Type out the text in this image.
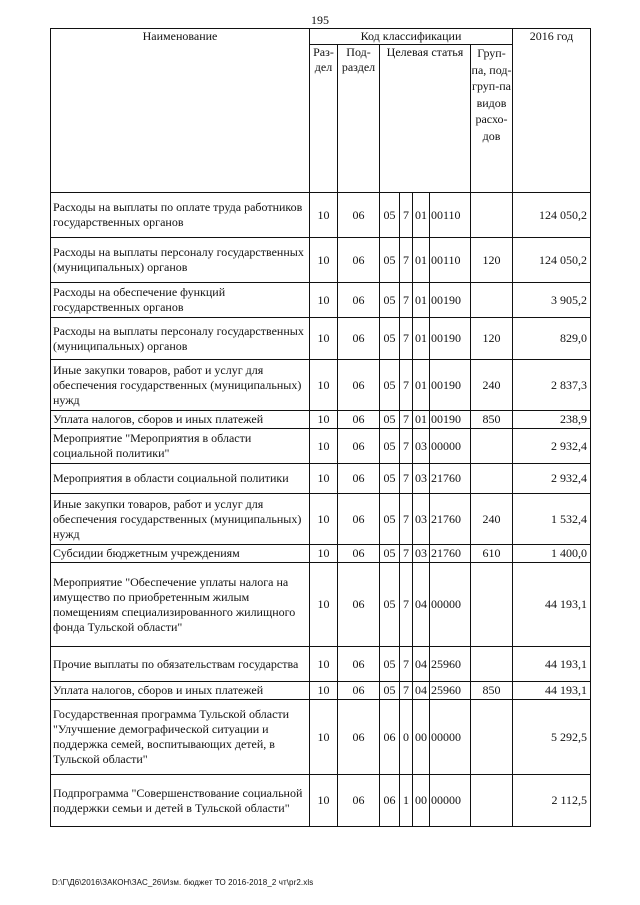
195
Наименование	Код классификации							2016 год
	Раз-дел	Под-раздел	Целевая статья				Груп-па, под-груп-па видов расхо-дов	
Расходы на выплаты по оплате труда работников государственных органов	10	06	05	7	01	00110		124 050,2
Расходы на выплаты персоналу государственных (муниципальных) органов	10	06	05	7	01	00110	120	124 050,2
Расходы на обеспечение функций государственных органов	10	06	05	7	01	00190		3 905,2
Расходы на выплаты персоналу государственных (муниципальных) органов	10	06	05	7	01	00190	120	829,0
Иные закупки товаров, работ и услуг для обеспечения государственных (муниципальных) нужд	10	06	05	7	01	00190	240	2 837,3
Уплата налогов, сборов и иных платежей	10	06	05	7	01	00190	850	238,9
Мероприятие "Мероприятия в области социальной политики"	10	06	05	7	03	00000		2 932,4
Мероприятия в области социальной политики	10	06	05	7	03	21760		2 932,4
Иные закупки товаров, работ и услуг для обеспечения государственных (муниципальных) нужд	10	06	05	7	03	21760	240	1 532,4
Субсидии бюджетным учреждениям	10	06	05	7	03	21760	610	1 400,0
Мероприятие "Обеспечение уплаты налога на имущество по приобретенным жилым помещениям специализированного жилищного фонда Тульской области"	10	06	05	7	04	00000		44 193,1
Прочие выплаты по обязательствам государства	10	06	05	7	04	25960		44 193,1
Уплата налогов, сборов и иных платежей	10	06	05	7	04	25960	850	44 193,1
Государственная программа Тульской области "Улучшение демографической ситуации и поддержка семей, воспитывающих детей, в Тульской области"	10	06	06	0	00	00000		5 292,5
Подпрограмма "Совершенствование социальной поддержки семьи и детей в Тульской области"	10	06	06	1	00	00000		2 112,5
D:\Г\Д6\2016\ЗАКОН\ЗАС_26\Изм. бюджет ТО 2016-2018_2 чт\pr2.xls
